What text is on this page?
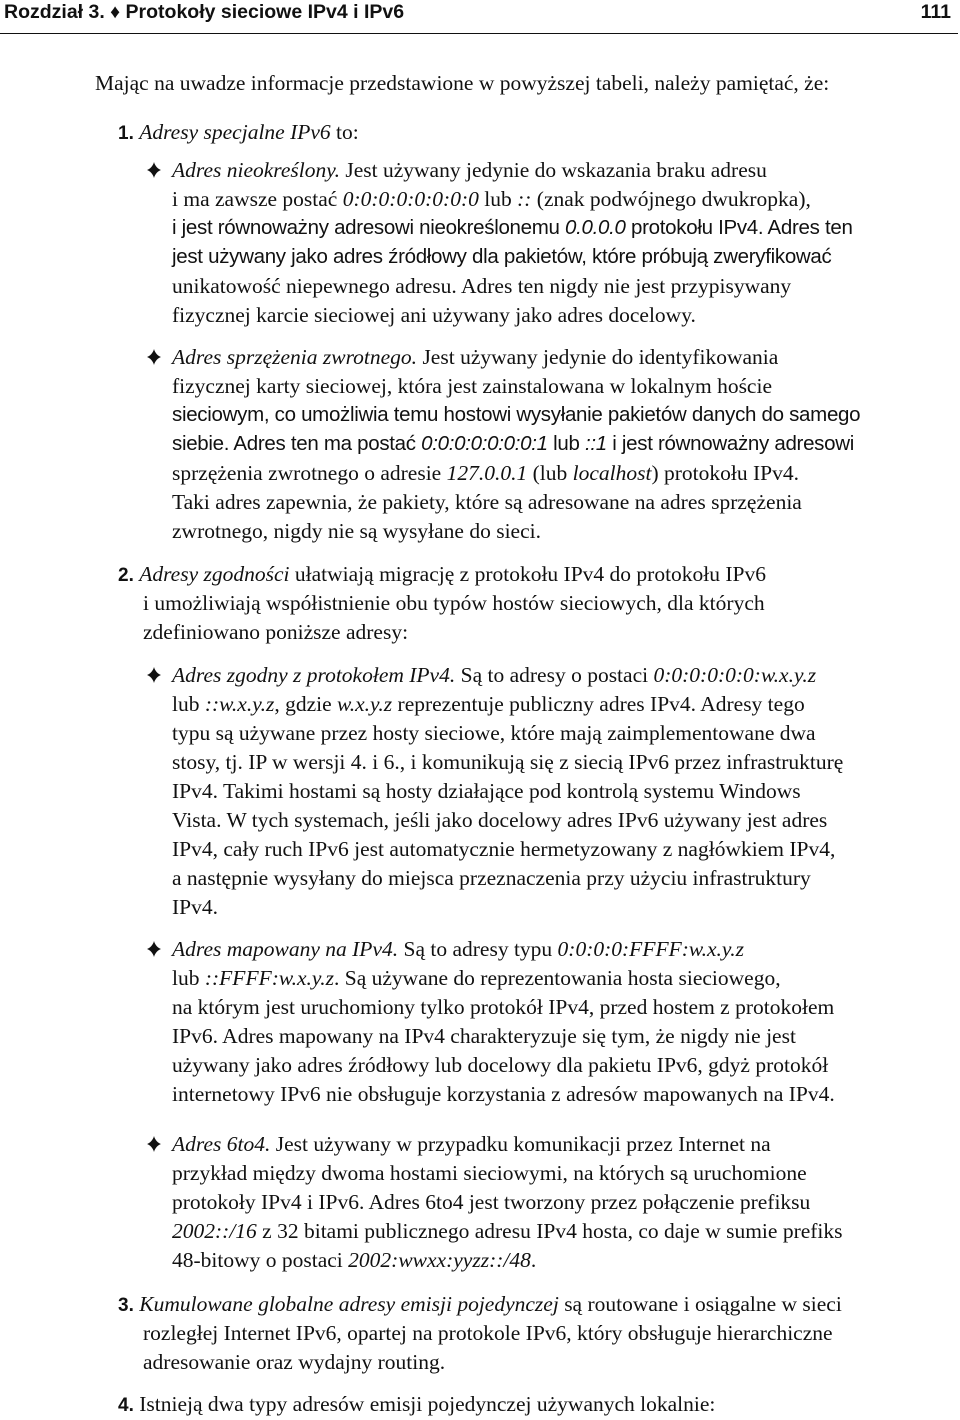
Rozdział 3. ♦ Protokoły sieciowe IPv4 i IPv6	111
Mając na uwadze informacje przedstawione w powyższej tabeli, należy pamiętać, że:
1. Adresy specjalne IPv6 to:
Adres nieokreślony. Jest używany jedynie do wskazania braku adresu
i ma zawsze postać 0:0:0:0:0:0:0:0 lub :: (znak podwójnego dwukropka),
i jest równoważny adresowi nieokreślonemu 0.0.0.0 protokołu IPv4. Adres ten
jest używany jako adres źródłowy dla pakietów, które próbują zweryfikować
unikatowość niepewnego adresu. Adres ten nigdy nie jest przypisywany
fizycznej karcie sieciowej ani używany jako adres docelowy.
Adres sprzężenia zwrotnego. Jest używany jedynie do identyfikowania
fizycznej karty sieciowej, która jest zainstalowana w lokalnym hoście
sieciowym, co umożliwia temu hostowi wysyłanie pakietów danych do samego
siebie. Adres ten ma postać 0:0:0:0:0:0:0:1 lub ::1 i jest równoważny adresowi
sprzężenia zwrotnego o adresie 127.0.0.1 (lub localhost) protokołu IPv4.
Taki adres zapewnia, że pakiety, które są adresowane na adres sprzężenia
zwrotnego, nigdy nie są wysyłane do sieci.
2. Adresy zgodności ułatwiają migrację z protokołu IPv4 do protokołu IPv6
i umożliwiają współistnienie obu typów hostów sieciowych, dla których
zdefiniowano poniższe adresy:
Adres zgodny z protokołem IPv4. Są to adresy o postaci 0:0:0:0:0:0:w.x.y.z
lub ::w.x.y.z, gdzie w.x.y.z reprezentuje publiczny adres IPv4. Adresy tego
typu są używane przez hosty sieciowe, które mają zaimplementowane dwa
stosy, tj. IP w wersji 4. i 6., i komunikują się z siecią IPv6 przez infrastrukturę
IPv4. Takimi hostami są hosty działające pod kontrolą systemu Windows
Vista. W tych systemach, jeśli jako docelowy adres IPv6 używany jest adres
IPv4, cały ruch IPv6 jest automatycznie hermetyzowany z nagłówkiem IPv4,
a następnie wysyłany do miejsca przeznaczenia przy użyciu infrastruktury
IPv4.
Adres mapowany na IPv4. Są to adresy typu 0:0:0:0:FFFF:w.x.y.z
lub ::FFFF:w.x.y.z. Są używane do reprezentowania hosta sieciowego,
na którym jest uruchomiony tylko protokół IPv4, przed hostem z protokołem
IPv6. Adres mapowany na IPv4 charakteryzuje się tym, że nigdy nie jest
używany jako adres źródłowy lub docelowy dla pakietu IPv6, gdyż protokół
internetowy IPv6 nie obsługuje korzystania z adresów mapowanych na IPv4.
Adres 6to4. Jest używany w przypadku komunikacji przez Internet na
przykład między dwoma hostami sieciowymi, na których są uruchomione
protokoły IPv4 i IPv6. Adres 6to4 jest tworzony przez połączenie prefiksu
2002::/16 z 32 bitami publicznego adresu IPv4 hosta, co daje w sumie prefiks
48-bitowy o postaci 2002:wwxx:yyzz::/48.
3. Kumulowane globalne adresy emisji pojedynczej są routowane i osiągalne w sieci
rozległej Internet IPv6, opartej na protokole IPv6, który obsługuje hierarchiczne
adresowanie oraz wydajny routing.
4. Istnieją dwa typy adresów emisji pojedynczej używanych lokalnie:
